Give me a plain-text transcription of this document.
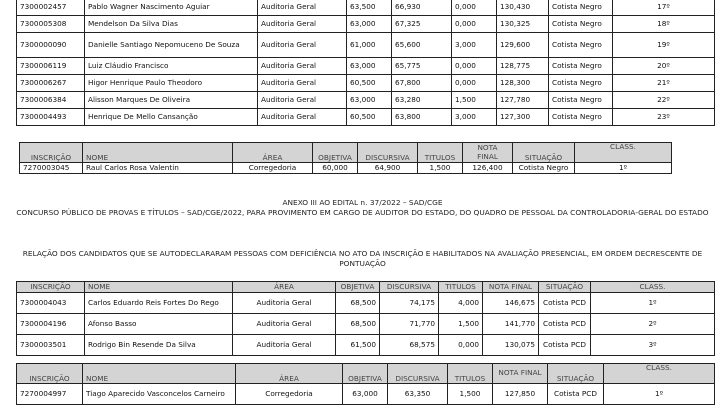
7300002457	Pablo Wagner Nascimento Aguiar	Auditoria Geral	63,500	66,930	0,000	130,430	Cotista Negro	17º
7300005308	Mendelson Da Silva Dias	Auditoria Geral	63,000	67,325	0,000	130,325	Cotista Negro	18º
7300000090	Danielle Santiago Nepomuceno De Souza	Auditoria Geral	61,000	65,600	3,000	129,600	Cotista Negro	19º
7300006119	Luiz Cláudio Francisco	Auditoria Geral	63,000	65,775	0,000	128,775	Cotista Negro	20º
7300006267	Higor Henrique Paulo Theodoro	Auditoria Geral	60,500	67,800	0,000	128,300	Cotista Negro	21º
7300006384	Alisson Marques De Oliveira	Auditoria Geral	63,000	63,280	1,500	127,780	Cotista Negro	22º
7300004493	Henrique De Mello Cansanção	Auditoria Geral	60,500	63,800	3,000	127,300	Cotista Negro	23º
INSCRIÇÃO	NOME	ÁREA	OBJETIVA	DISCURSIVA	TITULOS	NOTA FINAL	SITUAÇÃO	CLASS.
7270003045	Raul Carlos Rosa Valentin	Corregedoria	60,000	64,900	1,500	126,400	Cotista Negro	1º
ANEXO III AO EDITAL n. 37/2022 – SAD/CGE
CONCURSO PÚBLICO DE PROVAS E TÍTULOS – SAD/CGE/2022, PARA PROVIMENTO EM CARGO DE AUDITOR DO ESTADO, DO QUADRO DE PESSOAL DA CONTROLADORIA-GERAL DO ESTADO
RELAÇÃO DOS CANDIDATOS QUE SE AUTODECLARARAM PESSOAS COM DEFICIÊNCIA NO ATO DA INSCRIÇÃO E HABILITADOS NA AVALIAÇÃO PRESENCIAL, EM ORDEM DECRESCENTE DE PONTUAÇÃO
INSCRIÇÃO	NOME	ÁREA	OBJETIVA	DISCURSIVA	TITULOS	NOTA FINAL	SITUAÇÃO	CLASS.
7300004043	Carlos Eduardo Reis Fortes Do Rego	Auditoria Geral	68,500	74,175	4,000	146,675	Cotista PCD	1º
7300004196	Afonso Basso	Auditoria Geral	68,500	71,770	1,500	141,770	Cotista PCD	2º
7300003501	Rodrigo Bin Resende Da Silva	Auditoria Geral	61,500	68,575	0,000	130,075	Cotista PCD	3º
INSCRIÇÃO	NOME	ÁREA	OBJETIVA	DISCURSIVA	TITULOS	NOTA FINAL	SITUAÇÃO	CLASS.
7270004997	Tiago Aparecido Vasconcelos Carneiro	Corregedoria	63,000	63,350	1,500	127,850	Cotista PCD	1º
